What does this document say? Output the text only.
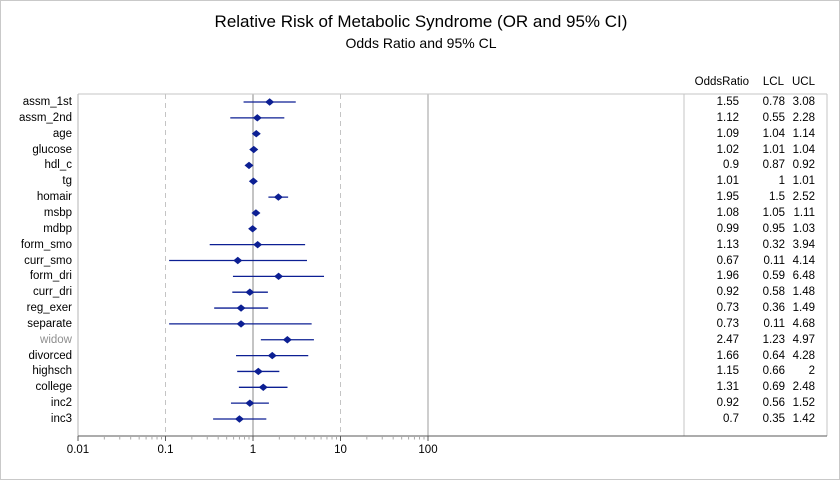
Relative Risk of Metabolic Syndrome (OR and 95% CI)
Odds Ratio and 95% CL
OddsRatio	LCL UCL
0.01	0.1	1	10	100
assm_1st	1.55	0.78 3.08
assm_2nd	1.12	0.55 2.28
age	1.09	1.04 1.14
glucose	1.02	1.01 1.04
hdl_c	0.9	0.87 0.92
tg	1.01	1 1.01
homair	1.95	1.5 2.52
msbp	1.08	1.05 1.11
mdbp	0.99	0.95 1.03
form_smo	1.13	0.32 3.94
curr_smo	0.67	0.11 4.14
form_dri	1.96	0.59 6.48
curr_dri	0.92	0.58 1.48
reg_exer	0.73	0.36 1.49
separate	0.73	0.11 4.68
widow	2.47	1.23 4.97
divorced	1.66	0.64 4.28
highsch	1.15	0.66	2
college	1.31	0.69 2.48
inc2	0.92	0.56 1.52
inc3	0.7	0.35 1.42
